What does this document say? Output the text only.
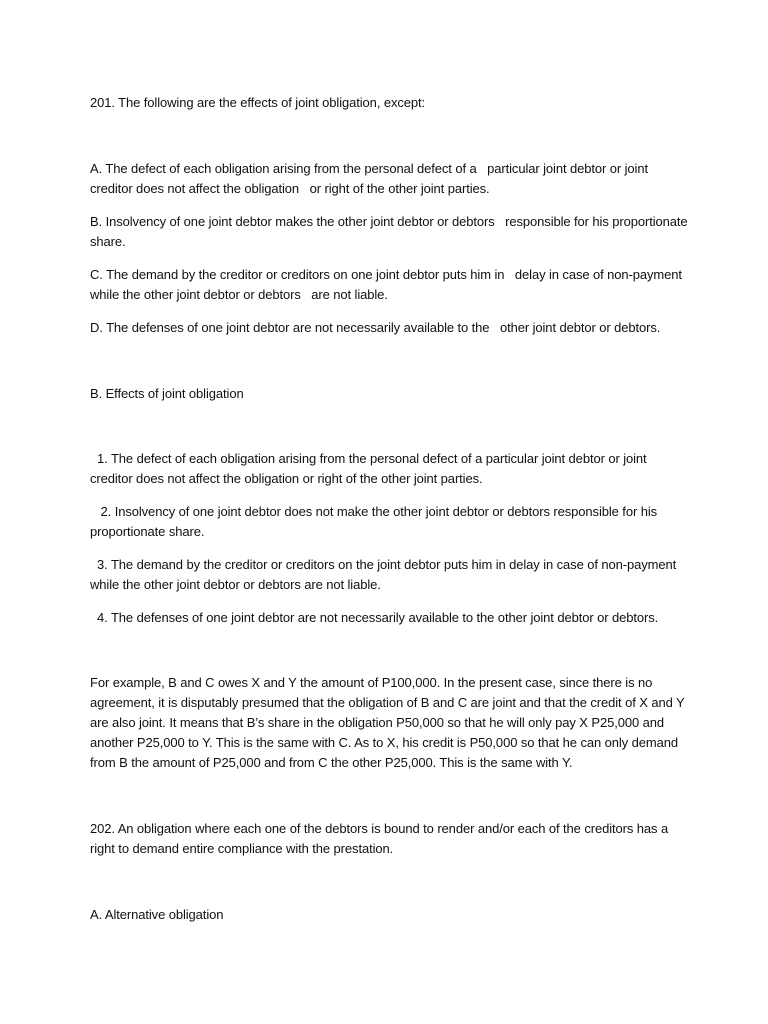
201. The following are the effects of joint obligation, except:
A. The defect of each obligation arising from the personal defect of a   particular joint debtor or joint creditor does not affect the obligation   or right of the other joint parties.
B. Insolvency of one joint debtor makes the other joint debtor or debtors   responsible for his proportionate share.
C. The demand by the creditor or creditors on one joint debtor puts him in   delay in case of non-payment while the other joint debtor or debtors   are not liable.
D. The defenses of one joint debtor are not necessarily available to the   other joint debtor or debtors.
B. Effects of joint obligation
1. The defect of each obligation arising from the personal defect of a particular joint debtor or joint creditor does not affect the obligation or right of the other joint parties.
2. Insolvency of one joint debtor does not make the other joint debtor or debtors responsible for his proportionate share.
3. The demand by the creditor or creditors on the joint debtor puts him in delay in case of non-payment while the other joint debtor or debtors are not liable.
4. The defenses of one joint debtor are not necessarily available to the other joint debtor or debtors.
For example, B and C owes X and Y the amount of P100,000. In the present case, since there is no agreement, it is disputably presumed that the obligation of B and C are joint and that the credit of X and Y are also joint. It means that B’s share in the obligation P50,000 so that he will only pay X P25,000 and another P25,000 to Y. This is the same with C. As to X, his credit is P50,000 so that he can only demand from B the amount of P25,000 and from C the other P25,000. This is the same with Y.
202. An obligation where each one of the debtors is bound to render and/or each of the creditors has a right to demand entire compliance with the prestation.
A. Alternative obligation
